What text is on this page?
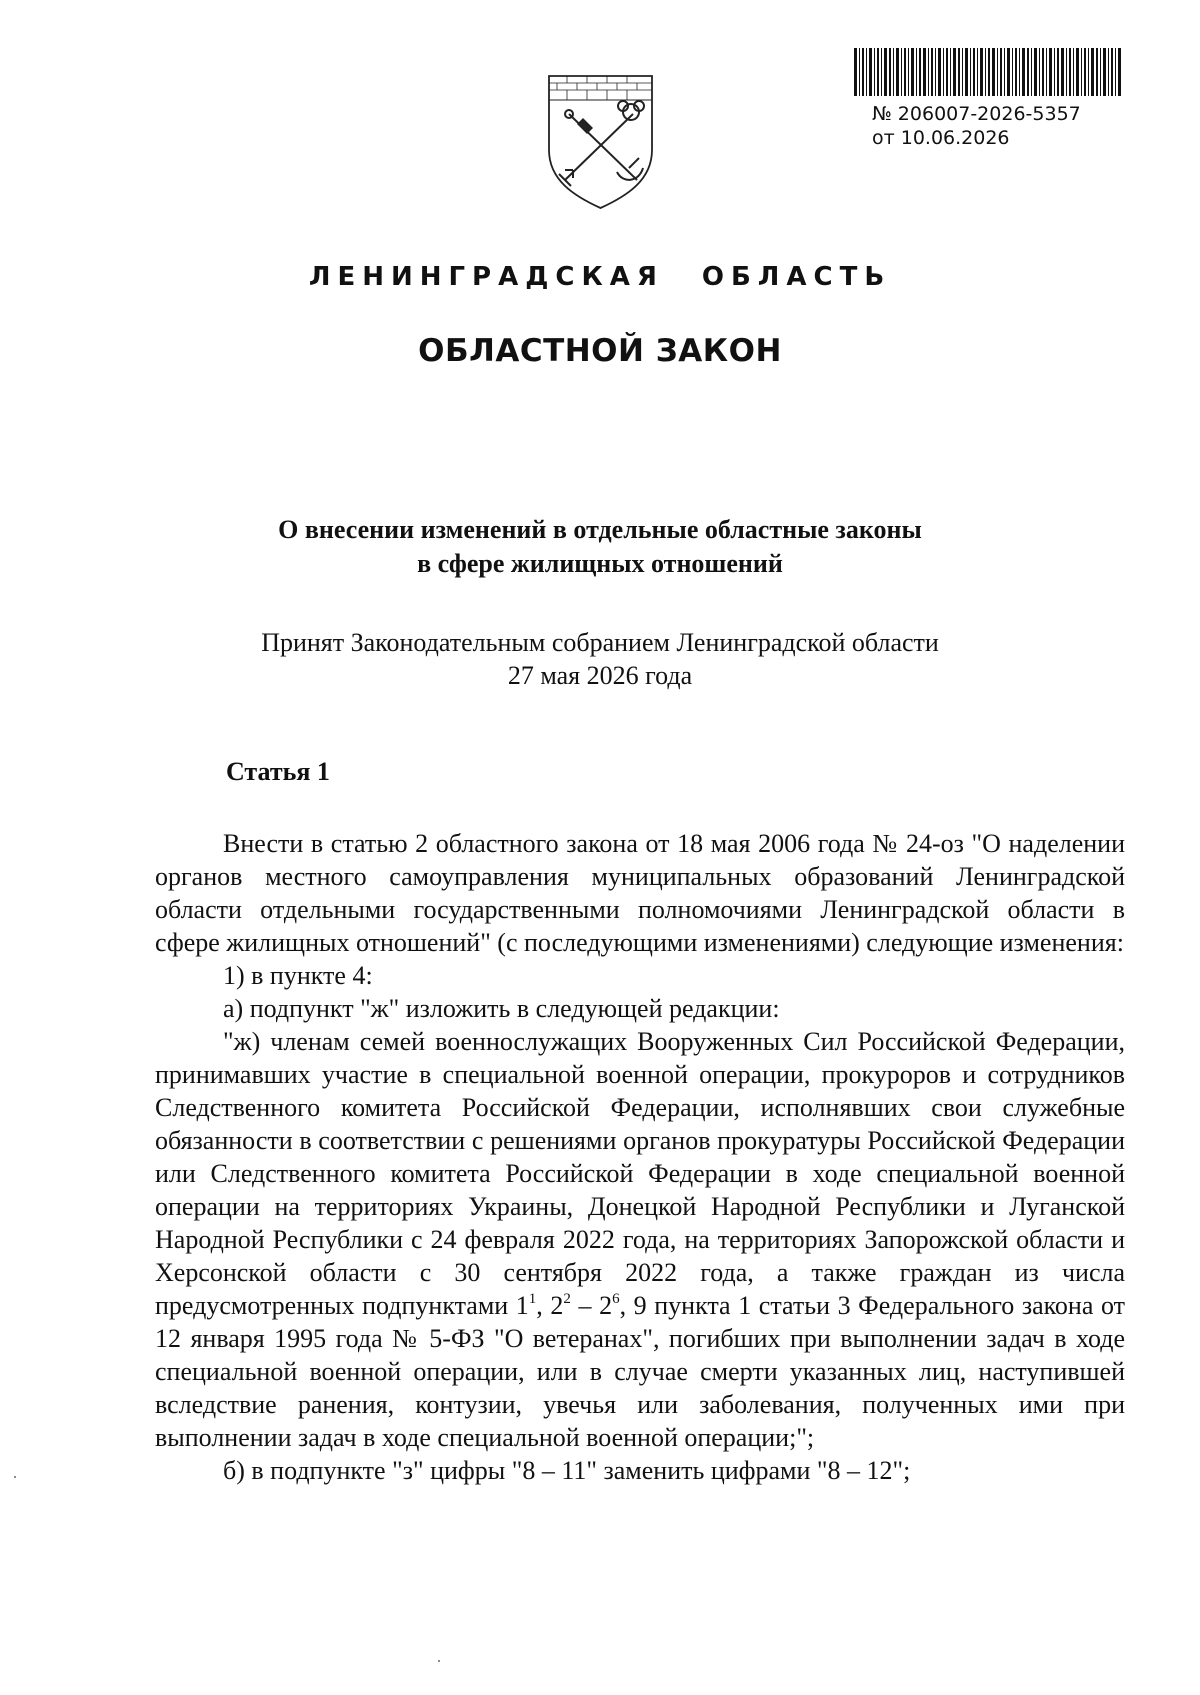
№ 206007-2026-5357
от 10.06.2026
ЛЕНИНГРАДСКАЯ ОБЛАСТЬ
ОБЛАСТНОЙ ЗАКОН
О внесении изменений в отдельные областные законы
в сфере жилищных отношений
Принят Законодательным собранием Ленинградской области
27 мая 2026 года
Статья 1

Внести в статью 2 областного закона от 18 мая 2006 года № 24-оз "О наделении органов местного самоуправления муниципальных образований Ленинградской области отдельными государственными полномочиями Ленинградской области в сфере жилищных отношений" (с последующими изменениями) следующие изменения:

1) в пункте 4:

а) подпункт "ж" изложить в следующей редакции:

"ж) членам семей военнослужащих Вооруженных Сил Российской Федерации, принимавших участие в специальной военной операции, прокуроров и сотрудников Следственного комитета Российской Федерации, исполнявших свои служебные обязанности в соответствии с решениями органов прокуратуры Российской Федерации или Следственного комитета Российской Федерации в ходе специальной военной операции на территориях Украины, Донецкой Народной Республики и Луганской Народной Республики с 24 февраля 2022 года, на территориях Запорожской области и Херсонской области с 30 сентября 2022 года, а также граждан из числа предусмотренных подпунктами $1^1$, $2^2 - 2^6$, 9 пункта 1 статьи 3 Федерального закона от 12 января 1995 года № 5-ФЗ "О ветеранах", погибших при выполнении задач в ходе специальной военной операции, или в случае смерти указанных лиц, наступившей вследствие ранения, контузии, увечья или заболевания, полученных ими при выполнении задач в ходе специальной военной операции;";

б) в подпункте "з" цифры "8 – 11" заменить цифрами "8 – 12";
